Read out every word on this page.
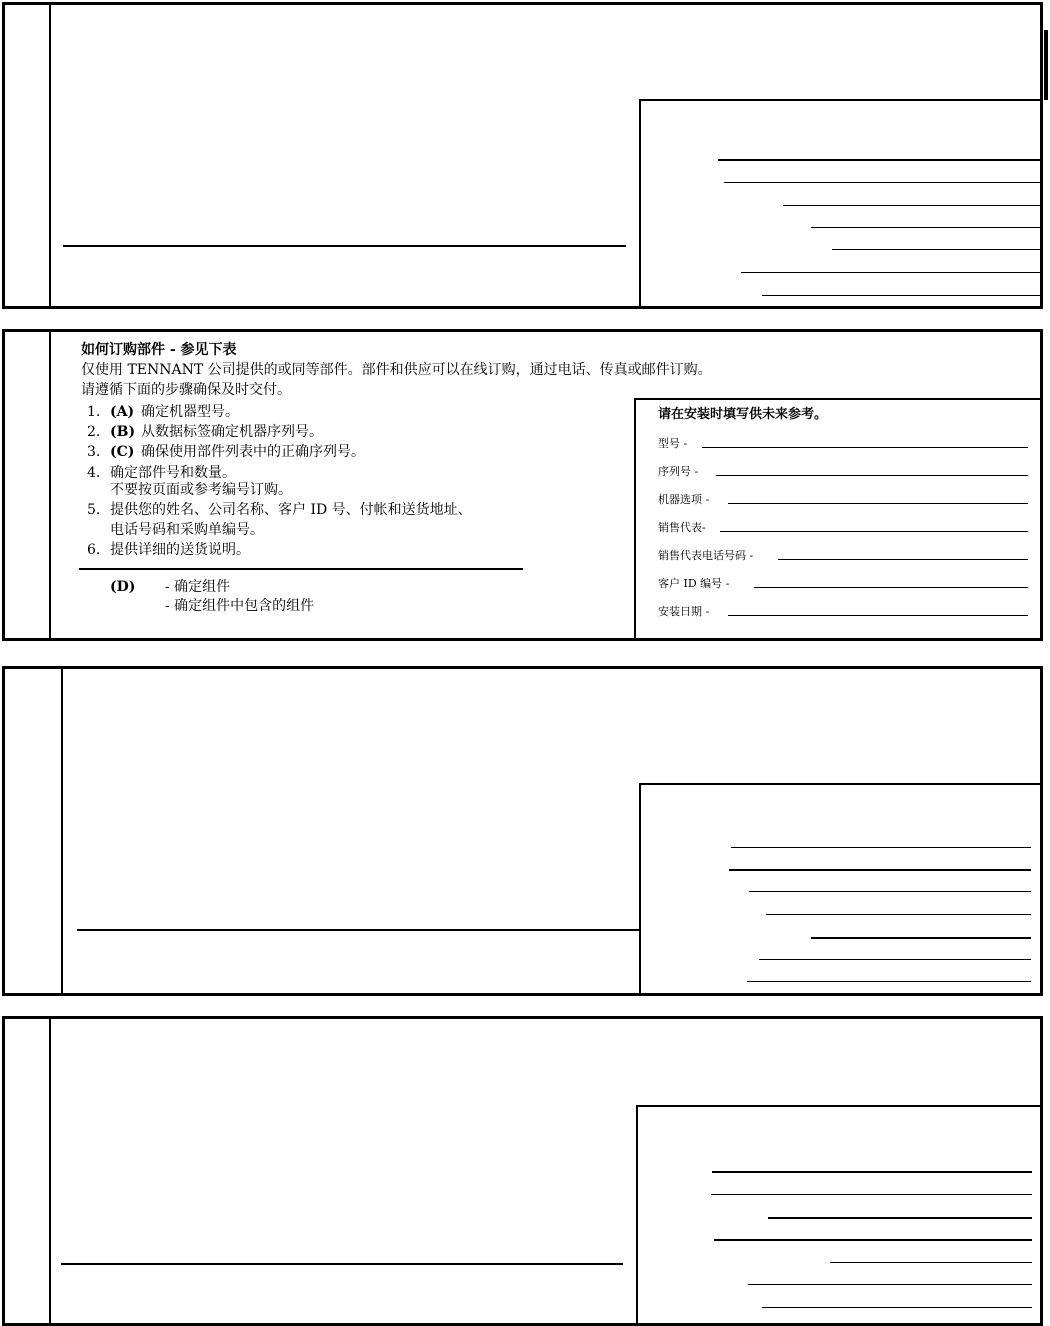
如何订购部件 - 参见下表
仅使用 TENNANT 公司提供的或同等部件。部件和供应可以在线订购，通过电话、传真或邮件订购。
请遵循下面的步骤确保及时交付。
1. (A) 确定机器型号。
2. (B) 从数据标签确定机器序列号。
3. (C) 确保使用部件列表中的正确序列号。
4. 确定部件号和数量。
不要按页面或参考编号订购。
5. 提供您的姓名、公司名称、客户 ID 号、付帐和送货地址、
电话号码和采购单编号。
6. 提供详细的送货说明。
(D) - 确定组件
- 确定组件中包含的组件
请在安装时填写供未来参考。
型号 -
序列号 -
机器选项 -
销售代表-
销售代表电话号码 -
客户 ID 编号 -
安装日期 -
